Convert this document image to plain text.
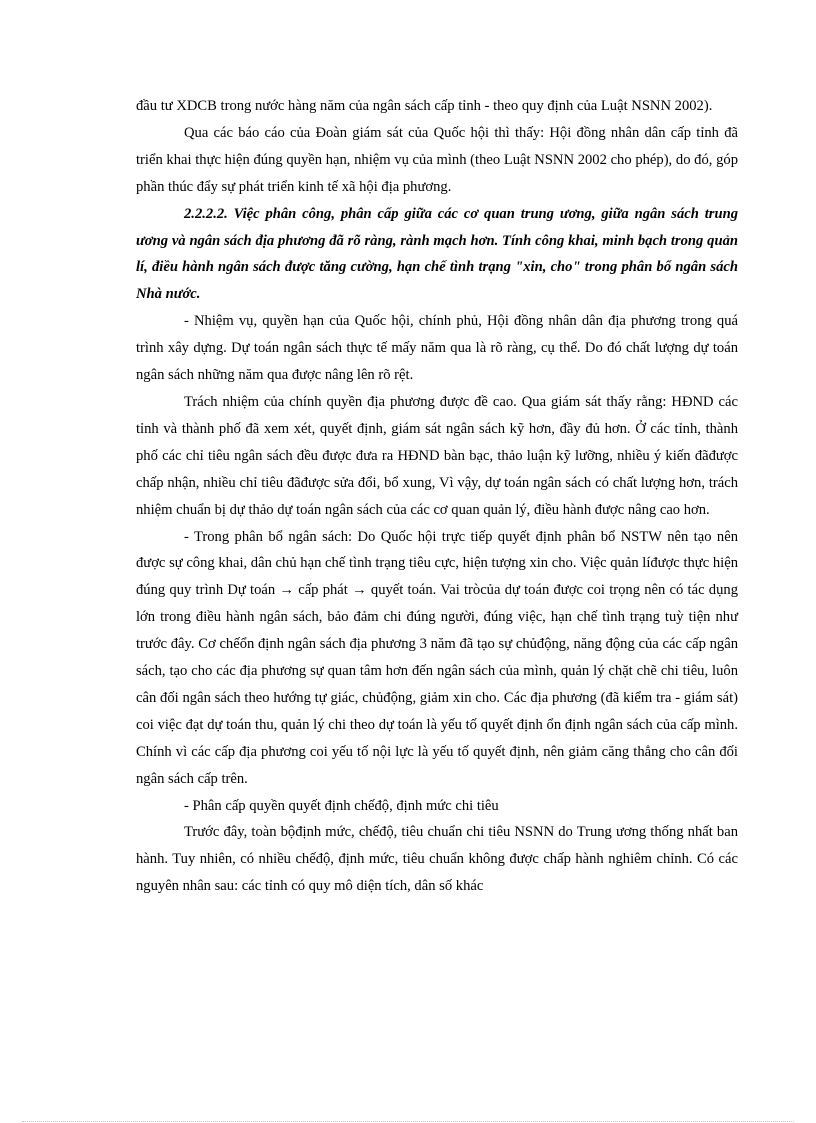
đầu tư XDCB trong nước hàng năm của ngân sách cấp tỉnh - theo quy định của Luật NSNN 2002).

Qua các báo cáo của Đoàn giám sát của Quốc hội thì thấy: Hội đồng nhân dân cấp tỉnh đã triển khai thực hiện đúng quyền hạn, nhiệm vụ của mình (theo Luật NSNN 2002 cho phép), do đó, góp phần thúc đẩy sự phát triển kinh tế xã hội địa phương.

2.2.2.2. Việc phân công, phân cấp giữa các cơ quan trung ương, giữa ngân sách trung ương và ngân sách địa phương đã rõ ràng, rành mạch hơn. Tính công khai, minh bạch trong quản lí, điều hành ngân sách được tăng cường, hạn chế tình trạng "xin, cho" trong phân bổ ngân sách Nhà nước.

- Nhiệm vụ, quyền hạn của Quốc hội, chính phủ, Hội đồng nhân dân địa phương trong quá trình xây dựng. Dự toán ngân sách thực tế mấy năm qua là rõ ràng, cụ thể. Do đó chất lượng dự toán ngân sách những năm qua được nâng lên rõ rệt.

Trách nhiệm của chính quyền địa phương được đề cao. Qua giám sát thấy rằng: HĐND các tỉnh và thành phố đã xem xét, quyết định, giám sát ngân sách kỹ hơn, đầy đủ hơn. Ở các tỉnh, thành phố các chỉ tiêu ngân sách đều được đưa ra HĐND bàn bạc, thảo luận kỹ lưỡng, nhiều ý kiến đãđược chấp nhận, nhiều chỉ tiêu đãđược sửa đổi, bổ xung, Vì vậy, dự toán ngân sách có chất lượng hơn, trách nhiệm chuẩn bị dự thảo dự toán ngân sách của các cơ quan quản lý, điều hành được nâng cao hơn.

- Trong phân bổ ngân sách: Do Quốc hội trực tiếp quyết định phân bổ NSTW nên tạo nên được sự công khai, dân chủ hạn chế tình trạng tiêu cực, hiện tượng xin cho. Việc quản líđược thực hiện đúng quy trình Dự toán → cấp phát → quyết toán. Vai tròcủa dự toán được coi trọng nên có tác dụng lớn trong điều hành ngân sách, bảo đảm chi đúng người, đúng việc, hạn chế tình trạng tuỳ tiện như trước đây. Cơ chếổn định ngân sách địa phương 3 năm đã tạo sự chủđộng, năng động của các cấp ngân sách, tạo cho các địa phương sự quan tâm hơn đến ngân sách của mình, quản lý chặt chẽ chi tiêu, luôn cân đối ngân sách theo hướng tự giác, chủđộng, giảm xin cho. Các địa phương (đã kiểm tra - giám sát) coi việc đạt dự toán thu, quản lý chi theo dự toán là yếu tố quyết định ổn định ngân sách của cấp mình. Chính vì các cấp địa phương coi yếu tố nội lực là yếu tố quyết định, nên giảm căng thẳng cho cân đối ngân sách cấp trên.

- Phân cấp quyền quyết định chếđộ, định mức chi tiêu

Trước đây, toàn bộđịnh mức, chếđộ, tiêu chuẩn chi tiêu NSNN do Trung ương thống nhất ban hành. Tuy nhiên, có nhiều chếđộ, định mức, tiêu chuẩn không được chấp hành nghiêm chỉnh. Có các nguyên nhân sau: các tỉnh có quy mô diện tích, dân số khác
